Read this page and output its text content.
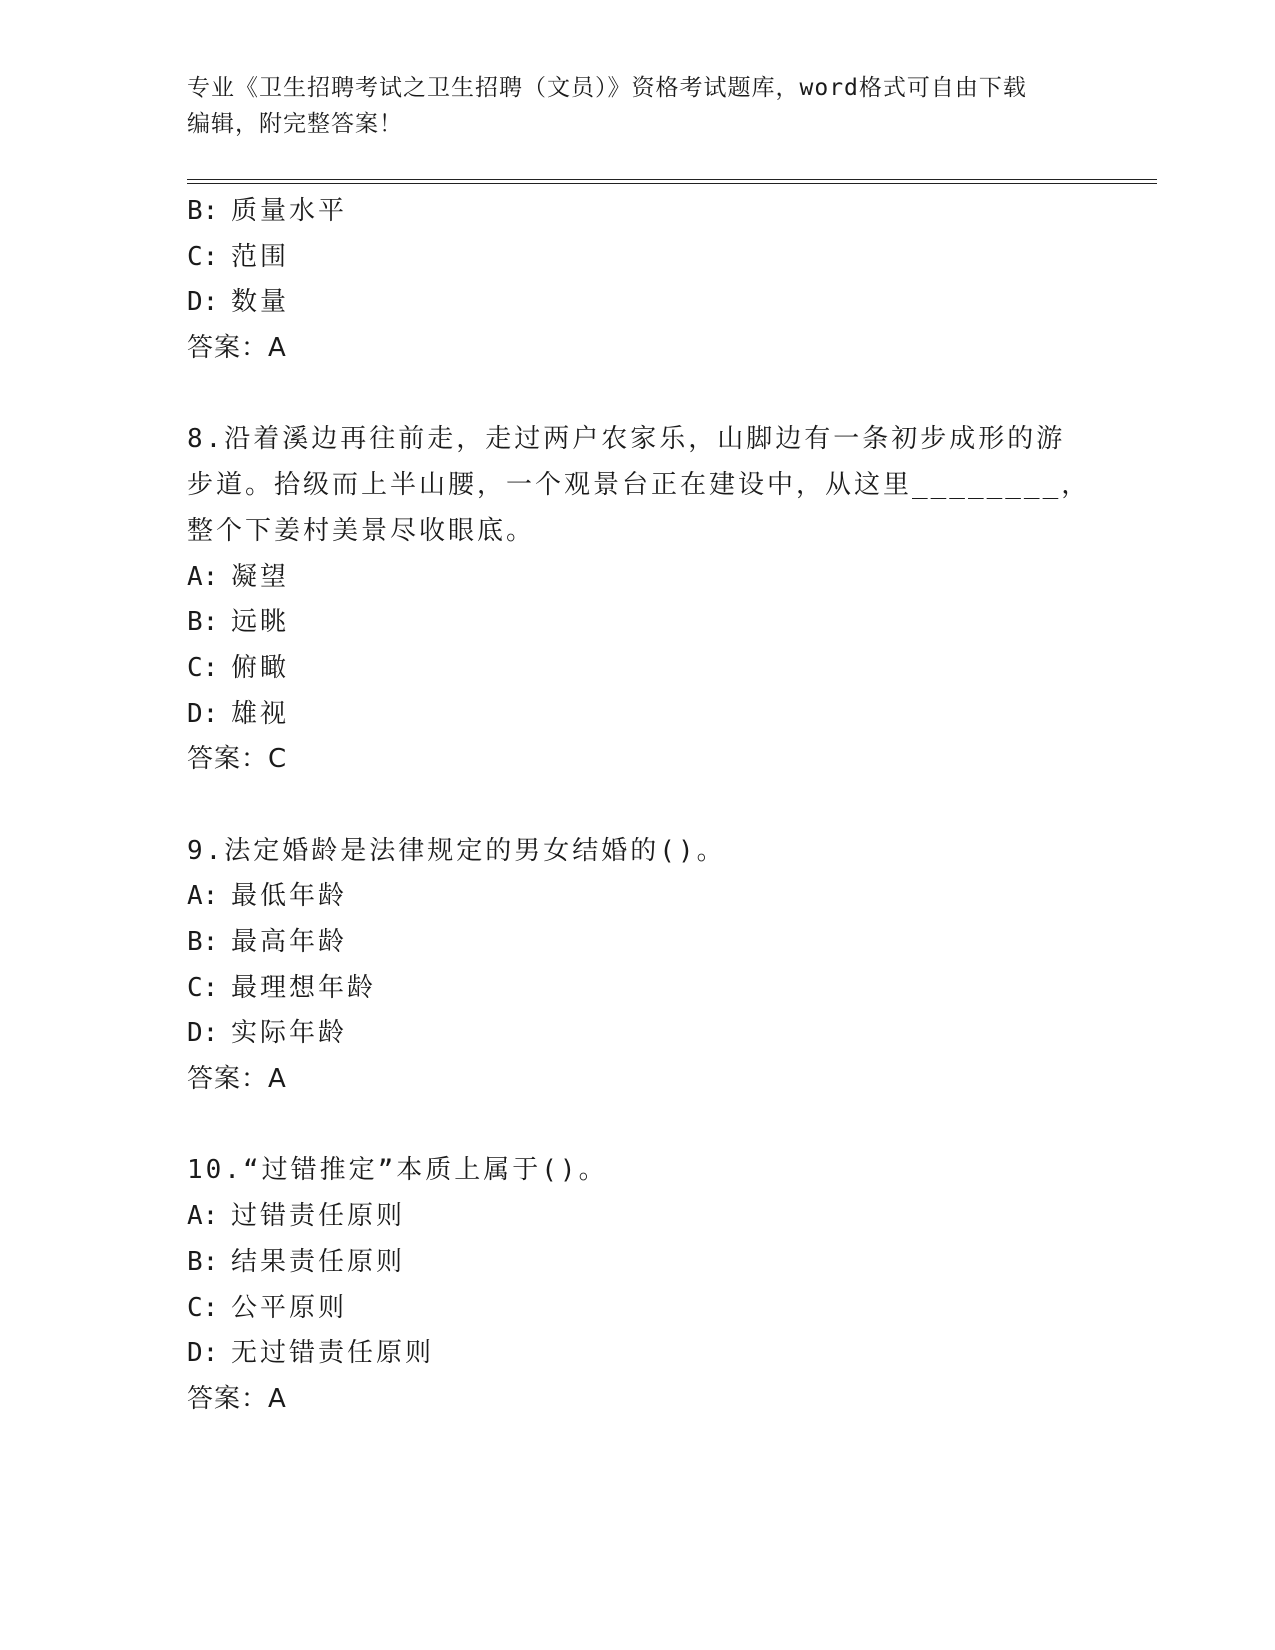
专业《卫生招聘考试之卫生招聘（文员）》资格考试题库，word格式可自由下载
编辑，附完整答案！
B: 质量水平
C: 范围
D: 数量
答案：A
8.沿着溪边再往前走，走过两户农家乐，山脚边有一条初步成形的游
步道。拾级而上半山腰，一个观景台正在建设中，从这里________，
整个下姜村美景尽收眼底。
A: 凝望
B: 远眺
C: 俯瞰
D: 雄视
答案：C
9.法定婚龄是法律规定的男女结婚的()。
A: 最低年龄
B: 最高年龄
C: 最理想年龄
D: 实际年龄
答案：A
10.“过错推定”本质上属于()。
A: 过错责任原则
B: 结果责任原则
C: 公平原则
D: 无过错责任原则
答案：A
